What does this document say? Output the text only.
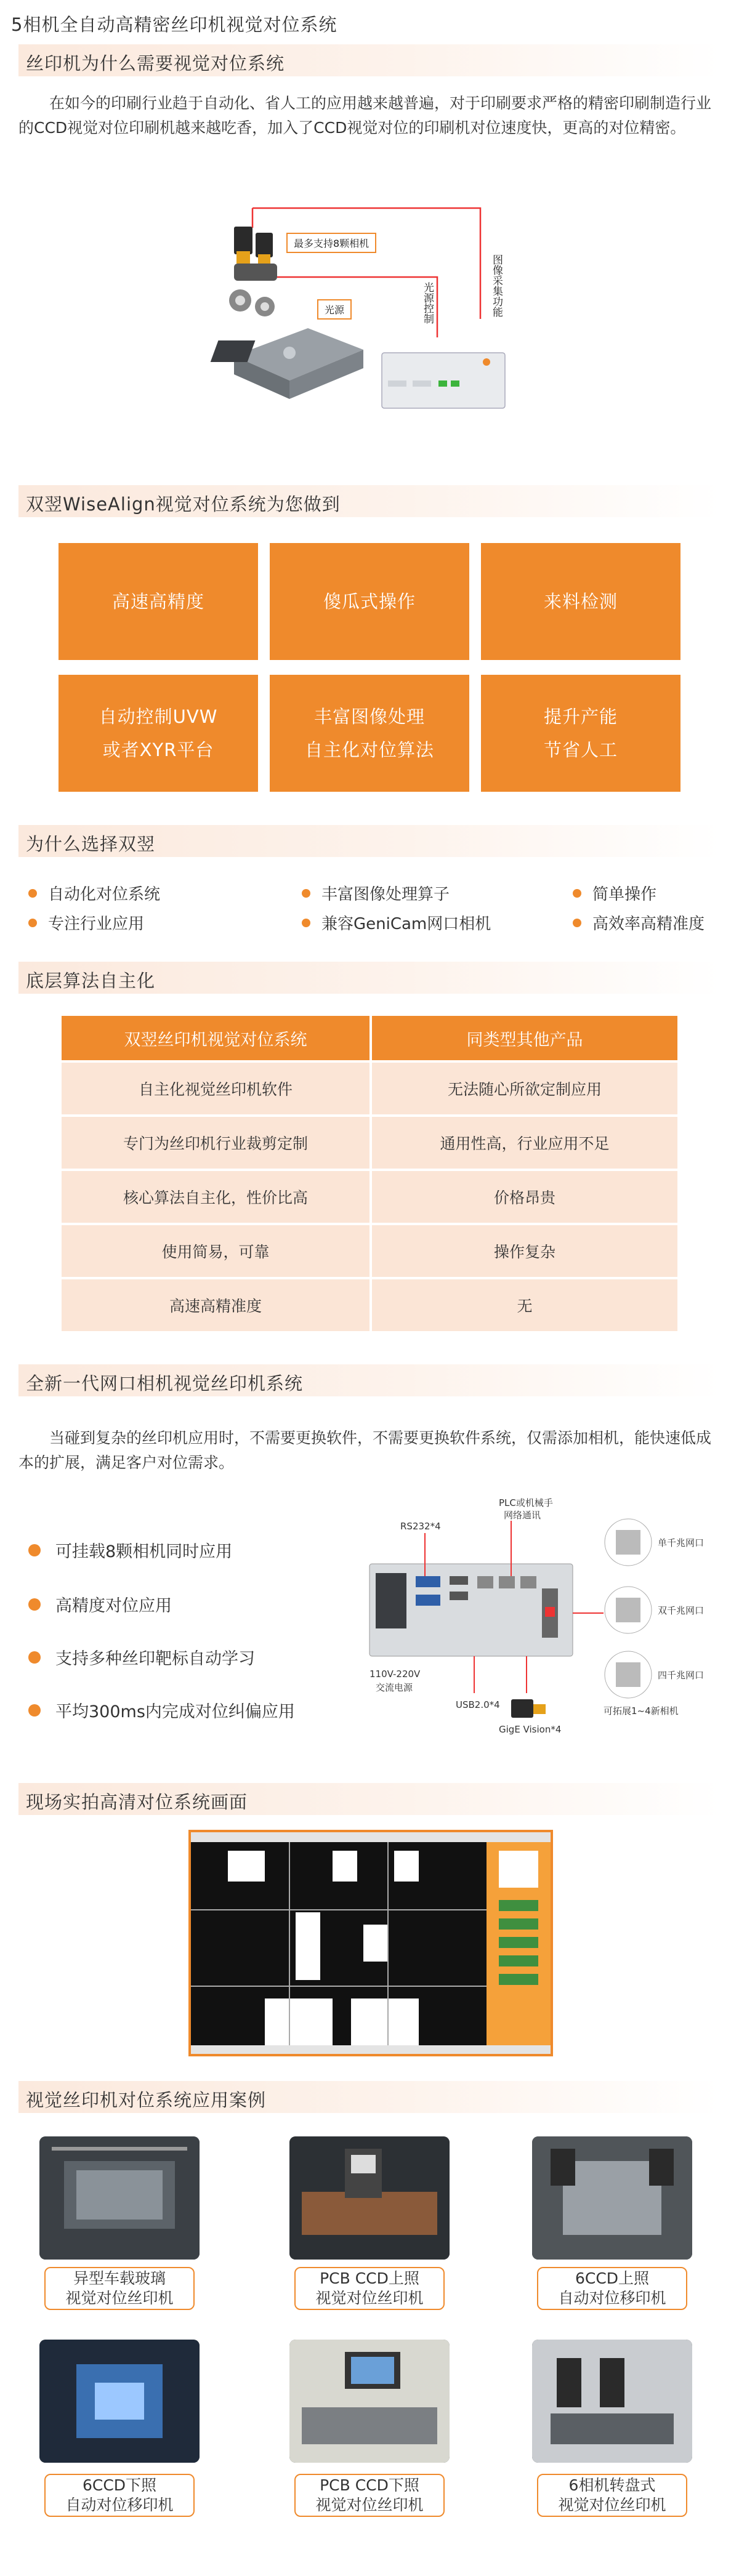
5相机全自动高精密丝印机视觉对位系统
丝印机为什么需要视觉对位系统

在如今的印刷行业趋于自动化、省人工的应用越来越普遍，对于印刷要求严格的精密印刷制造行业的CCD视觉对位印刷机越来越吃香，加入了CCD视觉对位的印刷机对位速度快，更高的对位精密。

最多支持8颗相机
光源	光源控制	图像采集功能
双翌WiseAlign视觉对位系统为您做到
高速高精度	傻瓜式操作	来料检测
自动控制UVW
或者XYR平台
丰富图像处理
自主化对位算法
提升产能
节省人工
为什么选择双翌
自动化对位系统	丰富图像处理算子	简单操作
专注行业应用	兼容GeniCam网口相机	高效率高精准度
底层算法自主化
双翌丝印机视觉对位系统	同类型其他产品
自主化视觉丝印机软件	无法随心所欲定制应用
专门为丝印机行业裁剪定制	通用性高，行业应用不足
核心算法自主化，性价比高	价格昂贵
使用简易，可靠	操作复杂
高速高精准度	无
全新一代网口相机视觉丝印机系统

当碰到复杂的丝印机应用时，不需要更换软件，不需要更换软件系统，仅需添加相机，能快速低成本的扩展，满足客户对位需求。

可挂载8颗相机同时应用
高精度对位应用
支持多种丝印靶标自动学习
平均300ms内完成对位纠偏应用
PLC或机械手
网络通讯
RS232*4
110V-220V
交流电源
USB2.0*4
GigE Vision*4
单千兆网口
双千兆网口
四千兆网口
可拓展1~4新相机
现场实拍高清对位系统画面
视觉丝印机对位系统应用案例
异型车载玻璃
视觉对位丝印机
PCB CCD上照
视觉对位丝印机
6CCD上照
自动对位移印机
6CCD下照
自动对位移印机
PCB CCD下照
视觉对位丝印机
6相机转盘式
视觉对位丝印机
